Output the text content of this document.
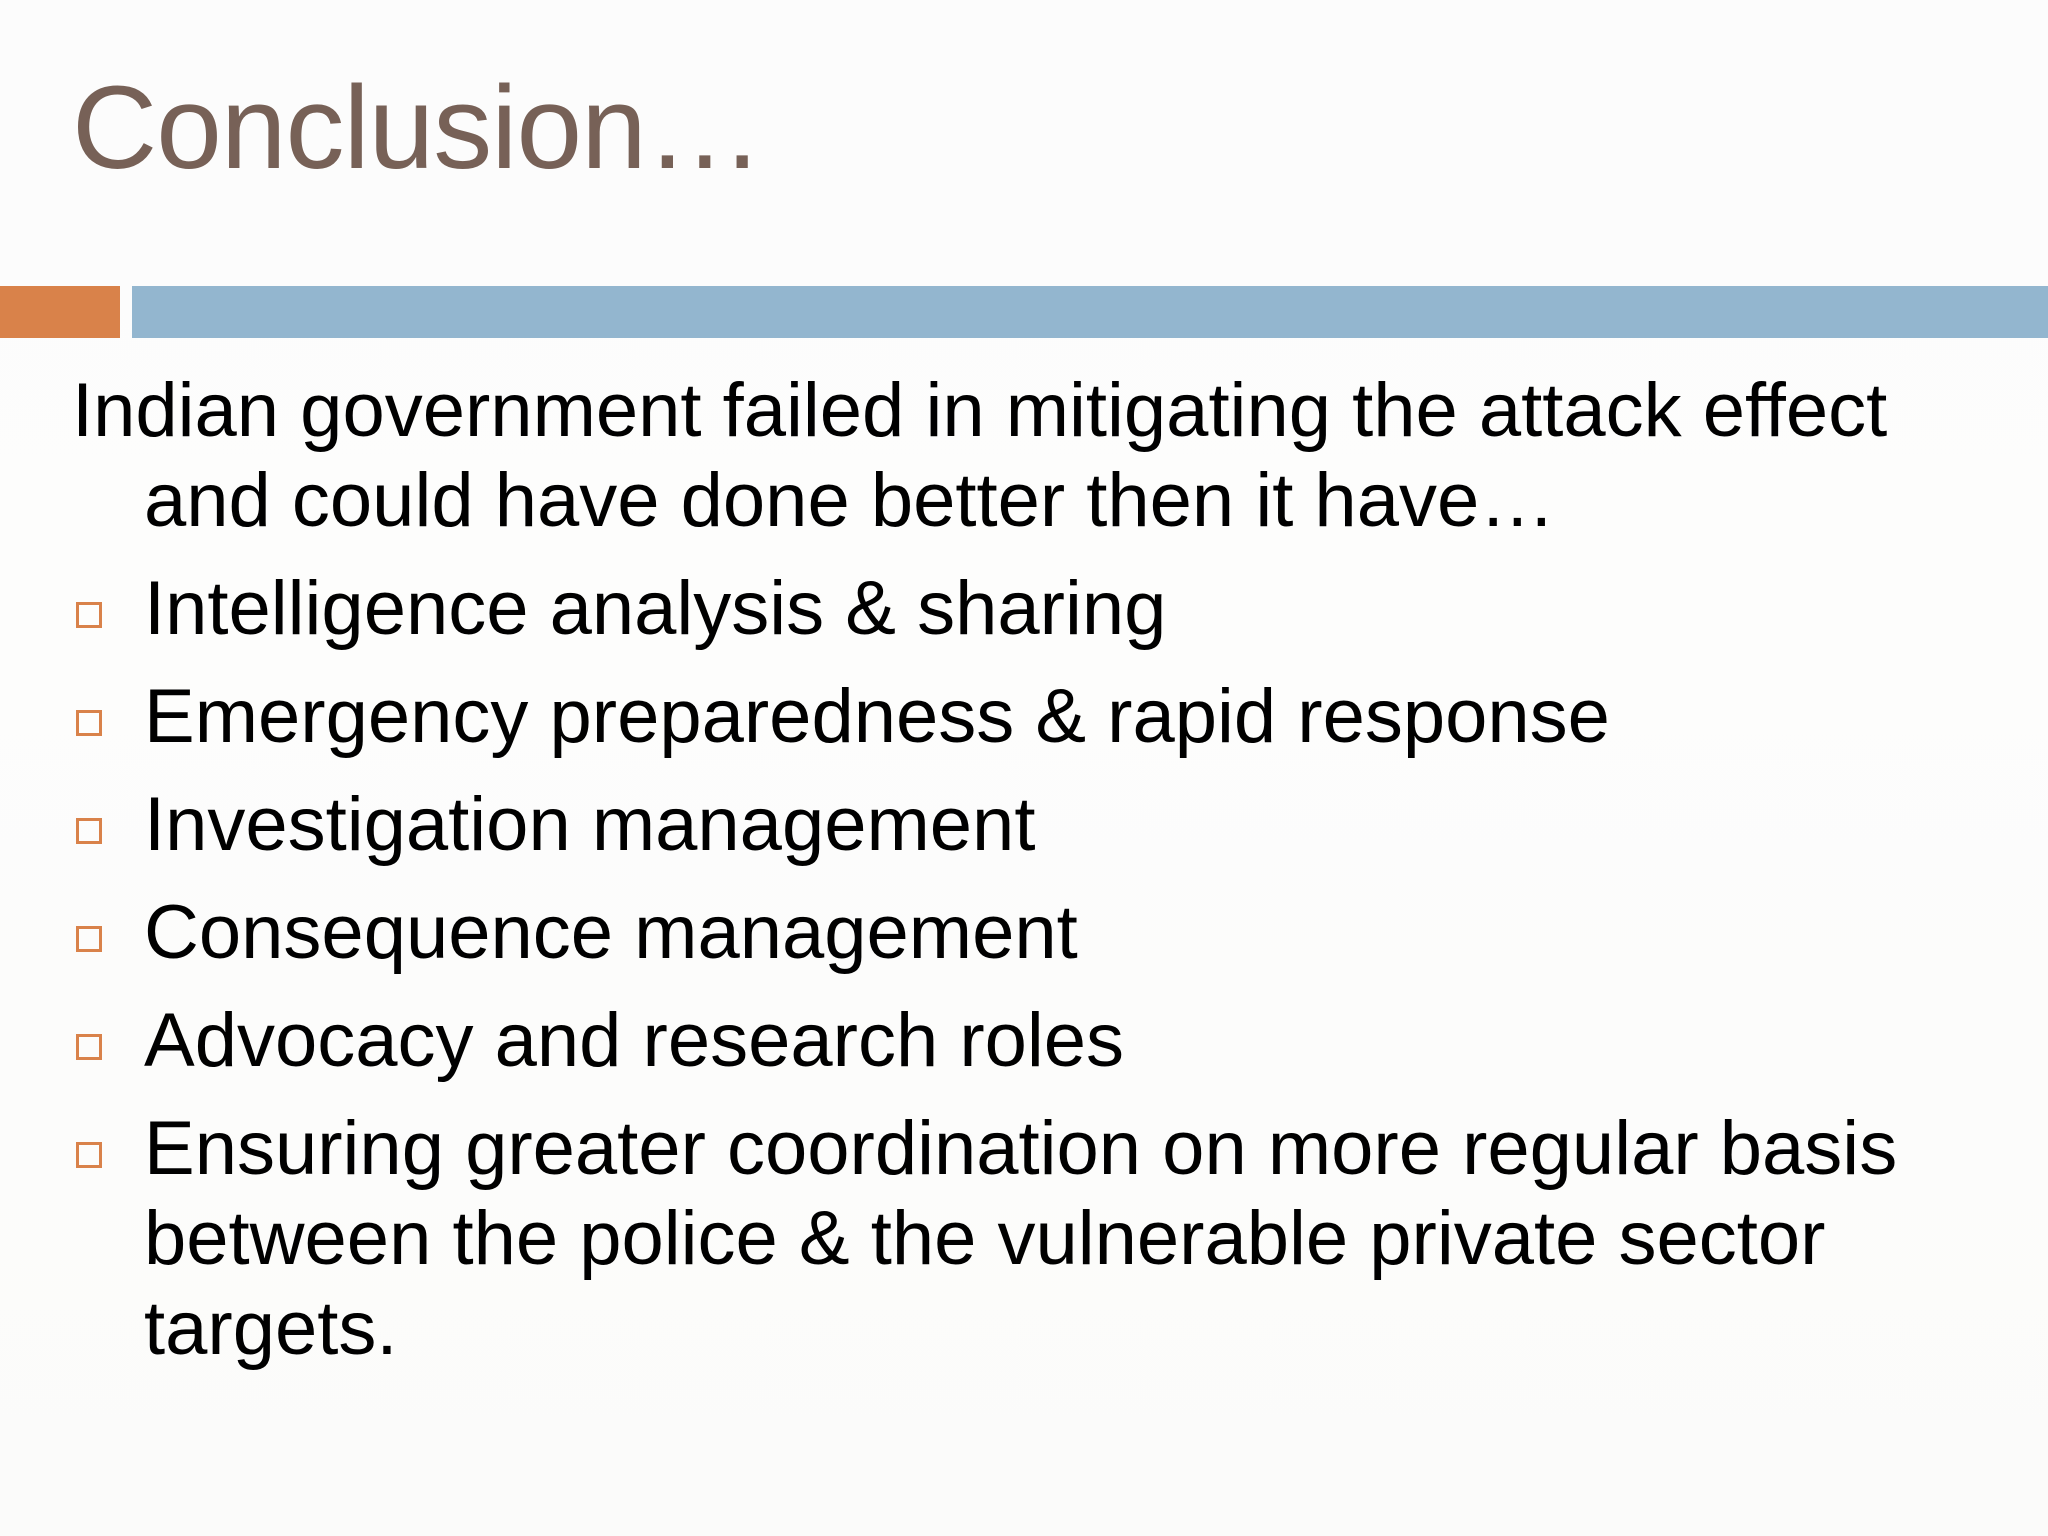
Conclusion…

Indian government failed in mitigating the attack effect and could have done better then it have…

Intelligence analysis & sharing
Emergency preparedness & rapid response
Investigation management
Consequence management
Advocacy and research roles
Ensuring greater coordination on more regular basis between the police & the vulnerable private sector targets.
